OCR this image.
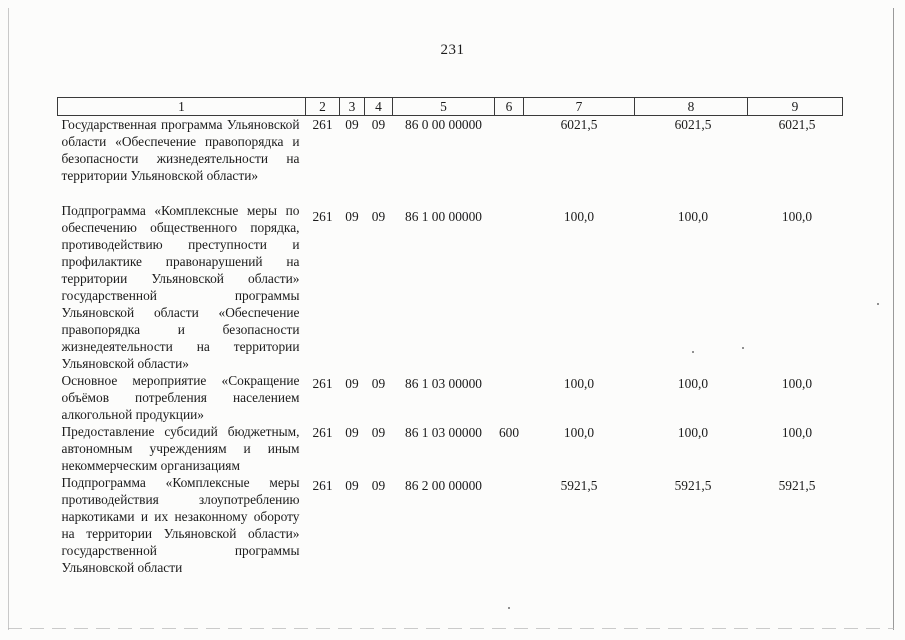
231
1	2	3	4	5	6	7	8	9
Государственная программа Ульяновской области «Обеспечение правопорядка и безопасности жизнедеятельности на территории Ульяновской области»	261	09	09	86 0 00 00000		6021,5	6021,5	6021,5
Подпрограмма «Комплексные меры по обеспечению общественного порядка, противодействию преступности и профилактике правонарушений на территории Ульяновской области» государственной программы Ульяновской области «Обеспечение правопорядка и безопасности жизнедеятельности на территории Ульяновской области»	261	09	09	86 1 00 00000		100,0	100,0	100,0
Основное мероприятие «Сокращение объёмов потребления населением алкогольной продукции»	261	09	09	86 1 03 00000		100,0	100,0	100,0
Предоставление субсидий бюджетным, автономным учреждениям и иным некоммерческим организациям	261	09	09	86 1 03 00000	600	100,0	100,0	100,0
Подпрограмма «Комплексные меры противодействия злоупотреблению наркотиками и их незаконному обороту на территории Ульяновской области» государственной программы Ульяновской области	261	09	09	86 2 00 00000		5921,5	5921,5	5921,5
